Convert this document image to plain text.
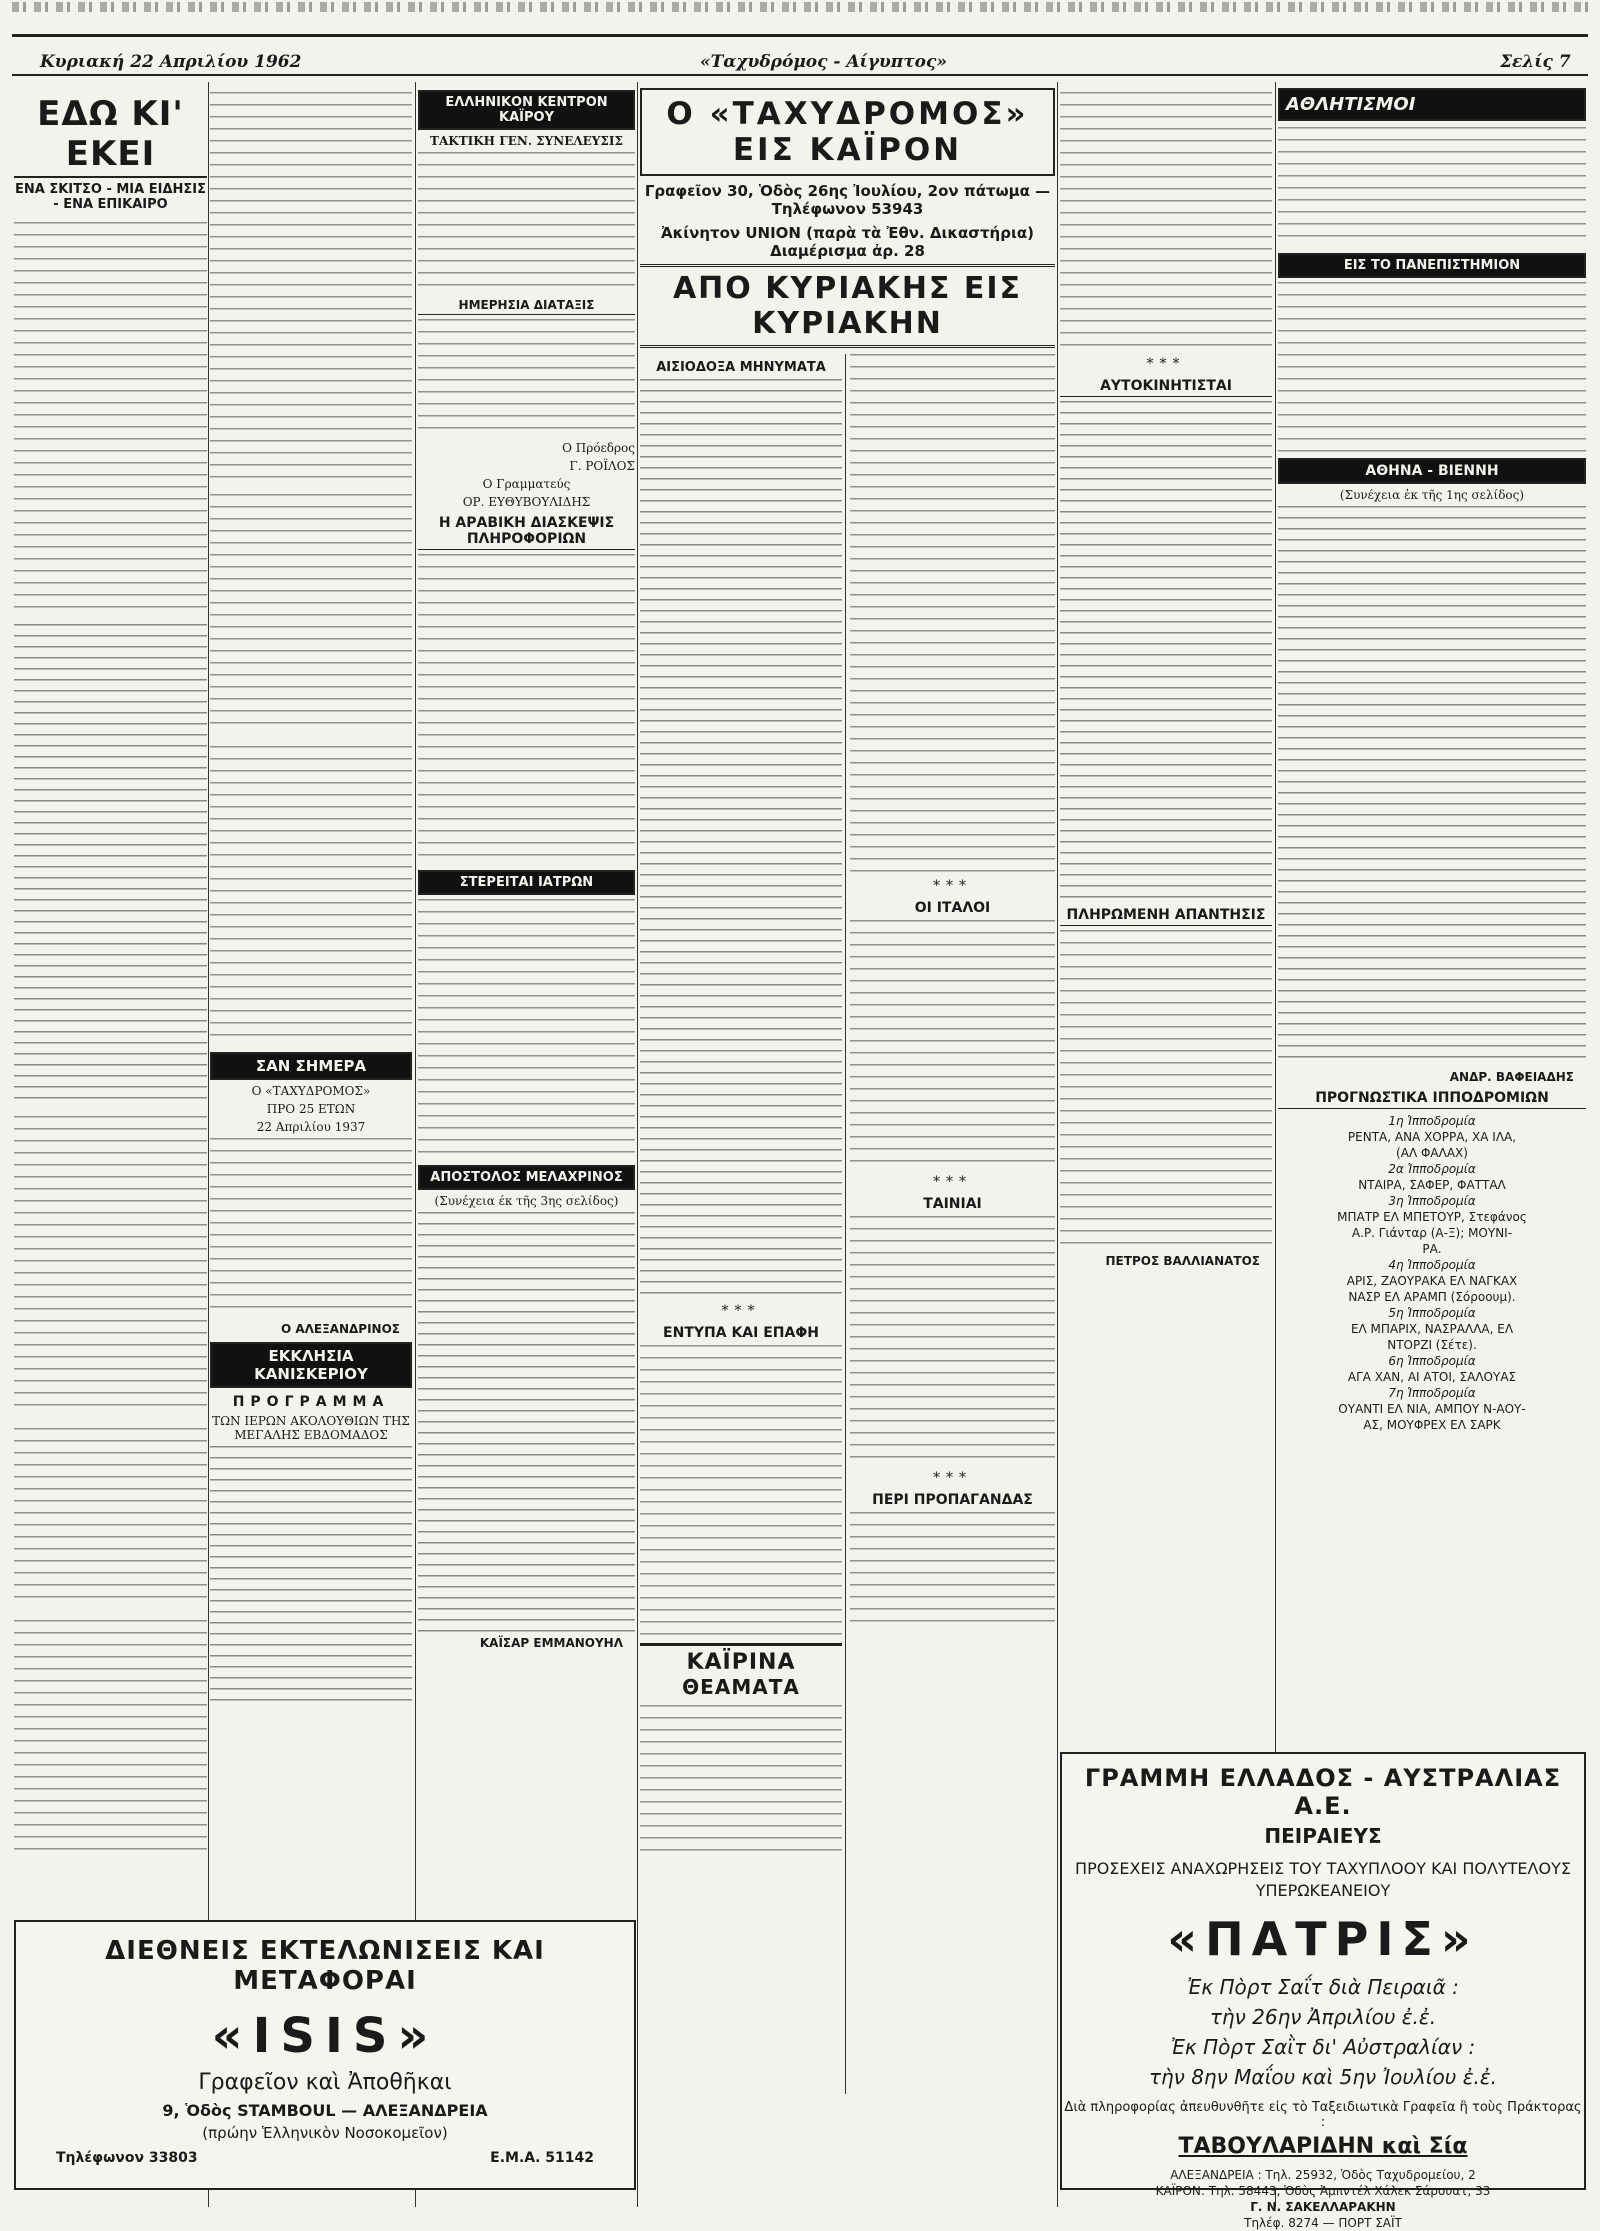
Κυριακή 22 Απριλίου 1962	«Ταχυδρόμος - Αίγυπτος»	Σελίς 7
ΕΔΩ ΚΙ' ΕΚΕΙ
ΕΝΑ ΣΚΙΤΣΟ - ΜΙΑ ΕΙΔΗΣΙΣ - ΕΝΑ ΕΠΙΚΑΙΡΟ
ΣΑΝ ΣΗΜΕΡΑ
Ο «ΤΑΧΥΔΡΟΜΟΣ»
ΠΡΟ 25 ΕΤΩΝ
22 Απριλίου 1937
Ο ΑΛΕΞΑΝΔΡΙΝΟΣ
ΕΚΚΛΗΣΙΑ ΚΑΝΙΣΚΕΡΙΟΥ
ΠΡΟΓΡΑΜΜΑ
ΤΩΝ ΙΕΡΩΝ ΑΚΟΛΟΥΘΙΩΝ ΤΗΣ ΜΕΓΑΛΗΣ ΕΒΔΟΜΑΔΟΣ
ΕΛΛΗΝΙΚΟΝ ΚΕΝΤΡΟΝ ΚΑΪΡΟΥ
ΤΑΚΤΙΚΗ ΓΕΝ. ΣΥΝΕΛΕΥΣΙΣ
ΗΜΕΡΗΣΙΑ ΔΙΑΤΑΞΙΣ
Ο Πρόεδρος
Γ. ΡΟΪΛΟΣ
Ο Γραμματεύς
ΟΡ. ΕΥΘΥΒΟΥΛΙΔΗΣ
Η ΑΡΑΒΙΚΗ ΔΙΑΣΚΕΨΙΣ ΠΛΗΡΟΦΟΡΙΩΝ
ΣΤΕΡΕΙΤΑΙ ΙΑΤΡΩΝ
ΑΠΟΣΤΟΛΟΣ ΜΕΛΑΧΡΙΝΟΣ
(Συνέχεια έκ τῆς 3ης σελίδος)
ΚΑΪΣΑΡ ΕΜΜΑΝΟΥΗΛ
Ο «ΤΑΧΥΔΡΟΜΟΣ» ΕΙΣ ΚΑΪΡΟΝ
Γραφεῖον 30, Ὁδὸς 26ης Ἰουλίου, 2ον πάτωμα — Τηλέφωνον 53943
Ἀκίνητον UNION (παρὰ τὰ Ἐθν. Δικαστήρια) Διαμέρισμα ἀρ. 28
ΑΠΟ ΚΥΡΙΑΚΗΣ ΕΙΣ ΚΥΡΙΑΚΗΝ
ΑΙΣΙΟΔΟΞΑ ΜΗΝΥΜΑΤΑ
***
ΕΝΤΥΠΑ ΚΑΙ ΕΠΑΦΗ
ΚΑΪΡΙΝΑ
ΘΕΑΜΑΤΑ
***
ΟΙ ΙΤΑΛΟΙ
***
ΤΑΙΝΙΑΙ
***
ΠΕΡΙ ΠΡΟΠΑΓΑΝΔΑΣ
***
ΑΥΤΟΚΙΝΗΤΙΣΤΑΙ
ΠΛΗΡΩΜΕΝΗ ΑΠΑΝΤΗΣΙΣ
ΠΕΤΡΟΣ ΒΑΛΛΙΑΝΑΤΟΣ
ΑΘΛΗΤΙΣΜΟΙ
ΕΙΣ ΤΟ ΠΑΝΕΠΙΣΤΗΜΙΟΝ
ΑΘΗΝΑ - ΒΙΕΝΝΗ
(Συνέχεια ἐκ τῆς 1ης σελίδος)
ΑΝΔΡ. ΒΑΦΕΙΑΔΗΣ
ΠΡΟΓΝΩΣΤΙΚΑ ΙΠΠΟΔΡΟΜΙΩΝ
1η Ἱπποδρομία
ΡΕΝΤΑ, ΑΝΑ ΧΟΡΡΑ, ΧΑ ΙΛΑ,
(ΑΛ ΦΑΛΑΧ)
2α Ἱπποδρομία
ΝΤΑΙΡΑ, ΣΑΦΕΡ, ΦΑΤΤΑΛ
3η Ἱπποδρομία
ΜΠΑΤΡ ΕΛ ΜΠΕΤΟΥΡ, Στεφάνος
Α.Ρ. Γιάνταρ (Α-Ξ); ΜΟΥΝΙ-
ΡΑ.
4η Ἱπποδρομία
ΑΡΙΣ, ΖΑΟΥΡΑΚΑ ΕΛ ΝΑΓΚΑΧ
ΝΑΣΡ ΕΛ ΑΡΑΜΠ (Σόροουμ).
5η Ἱπποδρομία
ΕΛ ΜΠΑΡΙΧ, ΝΑΣΡΑΛΛΑ, ΕΛ
ΝΤΟΡΖΙ (Σέτε).
6η Ἱπποδρομία
ΑΓΑ ΧΑΝ, ΑΙ ΑΤΟΙ, ΣΑΛΟΥΑΣ
7η Ἱπποδρομία
ΟΥΑΝΤΙ ΕΛ ΝΙΑ, ΑΜΠΟΥ Ν-ΑΟΥ-
ΑΣ, ΜΟΥΦΡΕΧ ΕΛ ΣΑΡΚ
ΔΙΕΘΝΕΙΣ ΕΚΤΕΛΩΝΙΣΕΙΣ ΚΑΙ ΜΕΤΑΦΟΡΑΙ
«ISIS»
Γραφεῖον καὶ Ἀποθῆκαι
9, Ὁδὸς STAMBOUL — ΑΛΕΞΑΝΔΡΕΙΑ
(πρώην Ἑλληνικὸν Νοσοκομεῖον)
Τηλέφωνον 33803	Ε.Μ.Α. 51142
ΓΡΑΜΜΗ ΕΛΛΑΔΟΣ - ΑΥΣΤΡΑΛΙΑΣ Α.Ε.
ΠΕΙΡΑΙΕΥΣ
ΠΡΟΣΕΧΕΙΣ ΑΝΑΧΩΡΗΣΕΙΣ ΤΟΥ ΤΑΧΥΠΛΟΟΥ ΚΑΙ ΠΟΛΥΤΕΛΟΥΣ ΥΠΕΡΩΚΕΑΝΕΙΟΥ
«ΠΑΤΡΙΣ»
Ἐκ Πὸρτ Σαΐτ διὰ Πειραιᾶ :
τὴν 26ην Ἀπριλίου ἐ.ἐ.
Ἐκ Πὸρτ Σαῒτ δι' Αὐστραλίαν :
τὴν 8ην Μαΐου καὶ 5ην Ἰουλίου ἐ.ἐ.
Διὰ πληροφορίας ἀπευθυνθῆτε εἰς τὸ Ταξειδιωτικὰ Γραφεῖα ἢ τοὺς Πράκτορας :
ΤΑΒΟΥΛΑΡΙΔΗΝ καὶ Σία
ΑΛΕΞΑΝΔΡΕΙΑ : Τηλ. 25932, Ὁδὸς Ταχυδρομείου, 2
ΚΑΪΡΟΝ: Τηλ. 58443, Ὁδὸς Ἀμπντέλ Χάλεκ Σάρουατ, 33
Γ. Ν. ΣΑΚΕΛΛΑΡΑΚΗΝ
Τηλέφ. 8274 — ΠΟΡΤ ΣΑΪΤ
